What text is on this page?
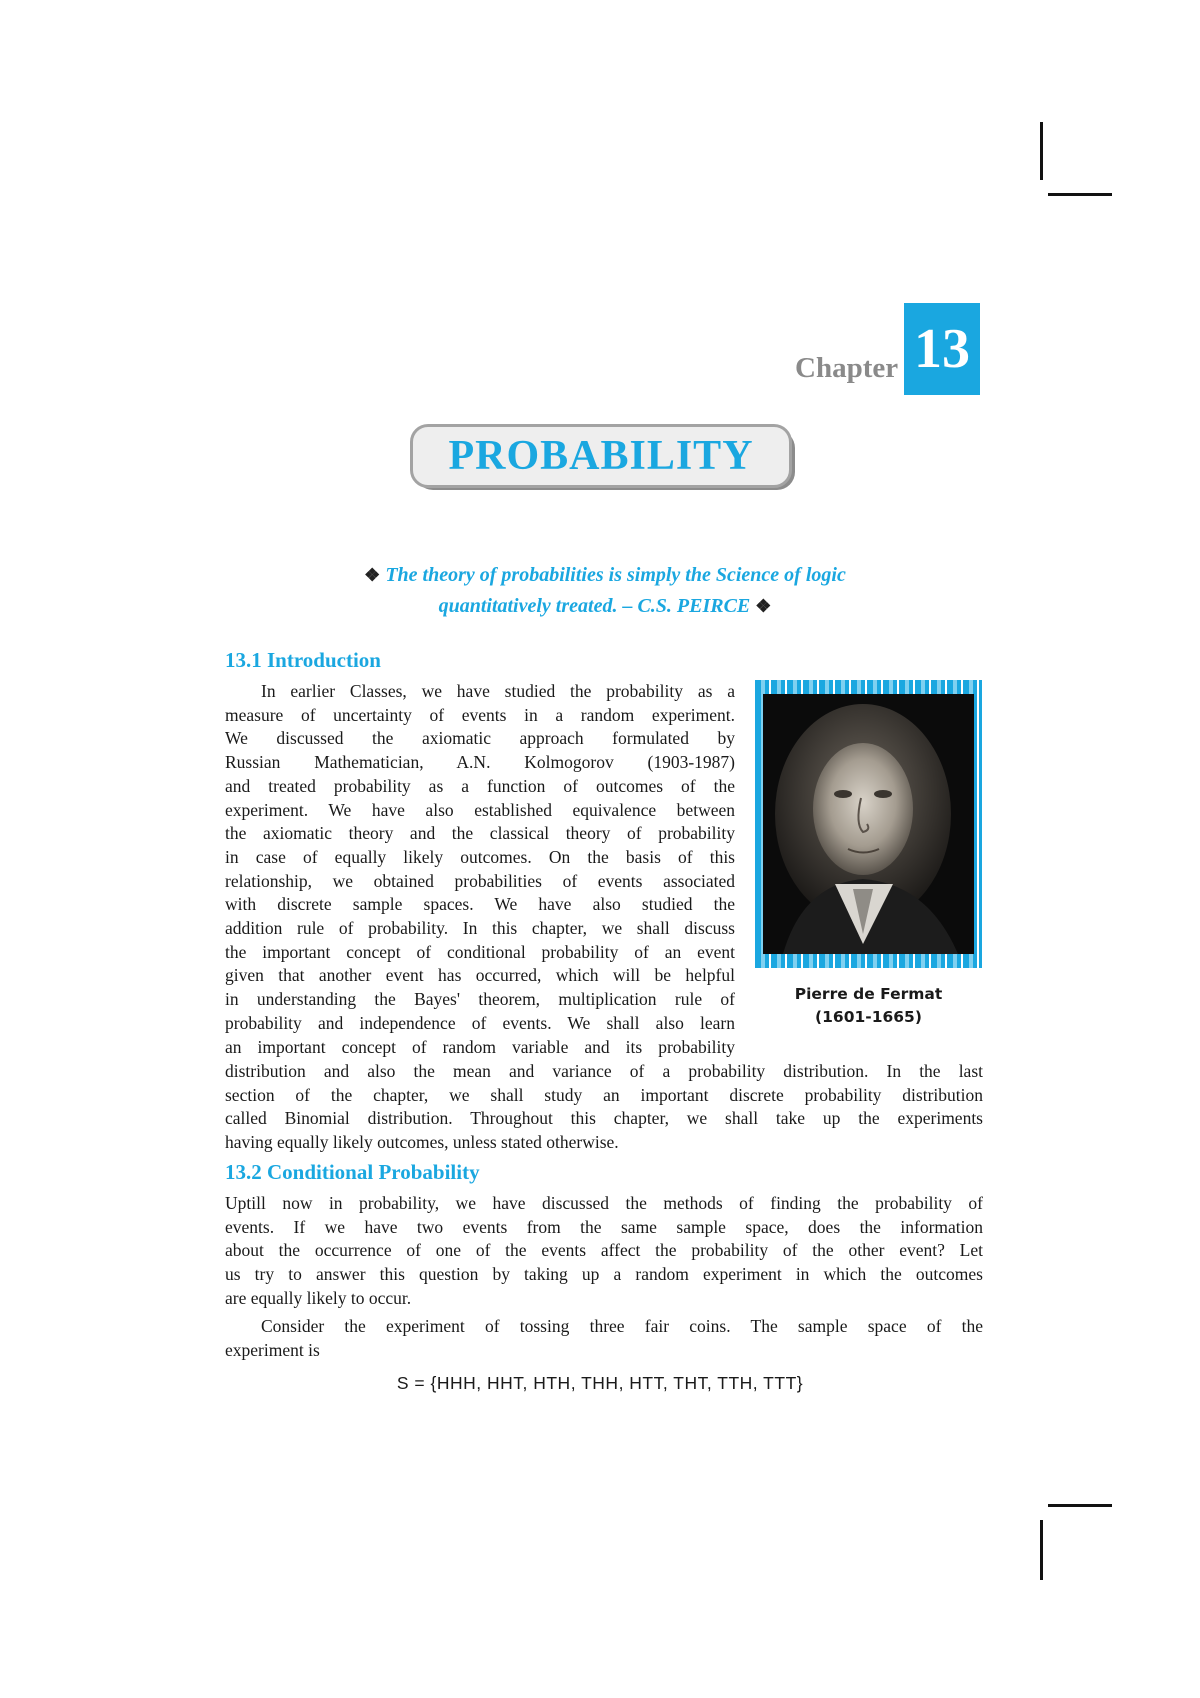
Chapter 13
PROBABILITY
❖ The theory of probabilities is simply the Science of logic
quantitatively treated. – C.S. PEIRCE ❖
13.1 Introduction
In earlier Classes, we have studied the probability as a
measure of uncertainty of events in a random experiment.
We discussed the axiomatic approach formulated by
Russian Mathematician, A.N. Kolmogorov (1903-1987)
and treated probability as a function of outcomes of the
experiment. We have also established equivalence between
the axiomatic theory and the classical theory of probability
in case of equally likely outcomes. On the basis of this
relationship, we obtained probabilities of events associated
with discrete sample spaces. We have also studied the
addition rule of probability. In this chapter, we shall discuss
the important concept of conditional probability of an event
given that another event has occurred, which will be helpful
in understanding the Bayes' theorem, multiplication rule of
probability and independence of events. We shall also learn
an important concept of random variable and its probability
distribution and also the mean and variance of a probability distribution. In the last
section of the chapter, we shall study an important discrete probability distribution
called Binomial distribution. Throughout this chapter, we shall take up the experiments
having equally likely outcomes, unless stated otherwise.
Pierre de Fermat
(1601-1665)
13.2 Conditional Probability
Uptill now in probability, we have discussed the methods of finding the probability of
events. If we have two events from the same sample space, does the information
about the occurrence of one of the events affect the probability of the other event? Let
us try to answer this question by taking up a random experiment in which the outcomes
are equally likely to occur.
Consider the experiment of tossing three fair coins. The sample space of the
experiment is
S = {HHH, HHT, HTH, THH, HTT, THT, TTH, TTT}
